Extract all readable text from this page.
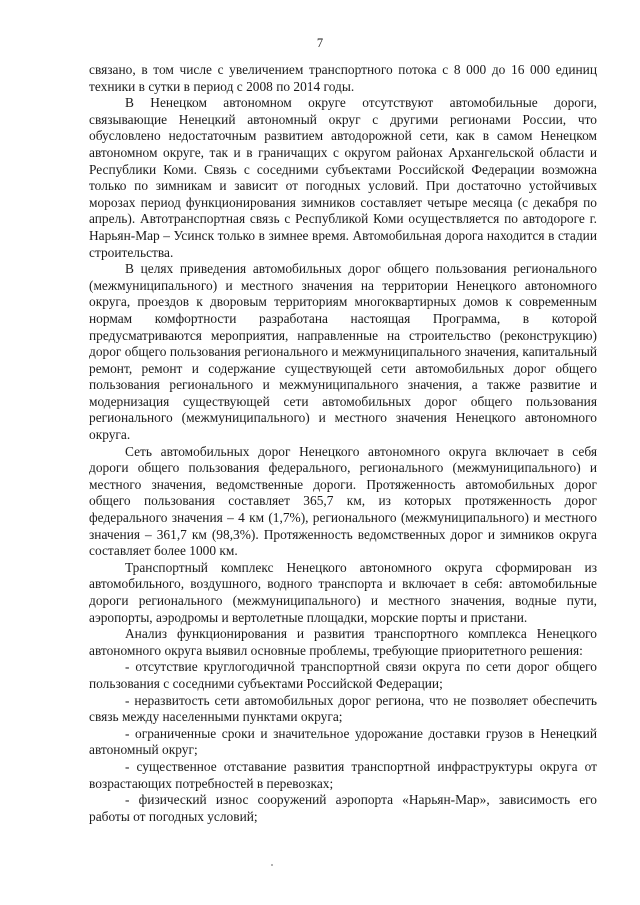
7

связано, в том числе с увеличением транспортного потока с 8 000 до 16 000 единиц техники в сутки в период с 2008 по 2014 годы.

В Ненецком автономном округе отсутствуют автомобильные дороги, связывающие Ненецкий автономный округ с другими регионами России, что обусловлено недостаточным развитием автодорожной сети, как в самом Ненецком автономном округе, так и в граничащих с округом районах Архангельской области и Республики Коми. Связь с соседними субъектами Российской Федерации возможна только по зимникам и зависит от погодных условий. При достаточно устойчивых морозах период функционирования зимников составляет четыре месяца (с декабря по апрель). Автотранспортная связь с Республикой Коми осуществляется по автодороге г. Нарьян-Мар – Усинск только в зимнее время. Автомобильная дорога находится в стадии строительства.

В целях приведения автомобильных дорог общего пользования регионального (межмуниципального) и местного значения на территории Ненецкого автономного округа, проездов к дворовым территориям многоквартирных домов к современным нормам комфортности разработана настоящая Программа, в которой предусматриваются мероприятия, направленные на строительство (реконструкцию) дорог общего пользования регионального и межмуниципального значения, капитальный ремонт, ремонт и содержание существующей сети автомобильных дорог общего пользования регионального и межмуниципального значения, а также развитие и модернизация существующей сети автомобильных дорог общего пользования регионального (межмуниципального) и местного значения Ненецкого автономного округа.

Сеть автомобильных дорог Ненецкого автономного округа включает в себя дороги общего пользования федерального, регионального (межмуниципального) и местного значения, ведомственные дороги. Протяженность автомобильных дорог общего пользования составляет 365,7 км, из которых протяженность дорог федерального значения – 4 км (1,7%), регионального (межмуниципального) и местного значения – 361,7 км (98,3%). Протяженность ведомственных дорог и зимников округа составляет более 1000 км.

Транспортный комплекс Ненецкого автономного округа сформирован из автомобильного, воздушного, водного транспорта и включает в себя: автомобильные дороги регионального (межмуниципального) и местного значения, водные пути, аэропорты, аэродромы и вертолетные площадки, морские порты и пристани.

Анализ функционирования и развития транспортного комплекса Ненецкого автономного округа выявил основные проблемы, требующие приоритетного решения:

- отсутствие круглогодичной транспортной связи округа по сети дорог общего пользования с соседними субъектами Российской Федерации;

- неразвитость сети автомобильных дорог региона, что не позволяет обеспечить связь между населенными пунктами округа;

- ограниченные сроки и значительное удорожание доставки грузов в Ненецкий автономный округ;

- существенное отставание развития транспортной инфраструктуры округа от возрастающих потребностей в перевозках;

- физический износ сооружений аэропорта «Нарьян-Мар», зависимость его работы от погодных условий;
